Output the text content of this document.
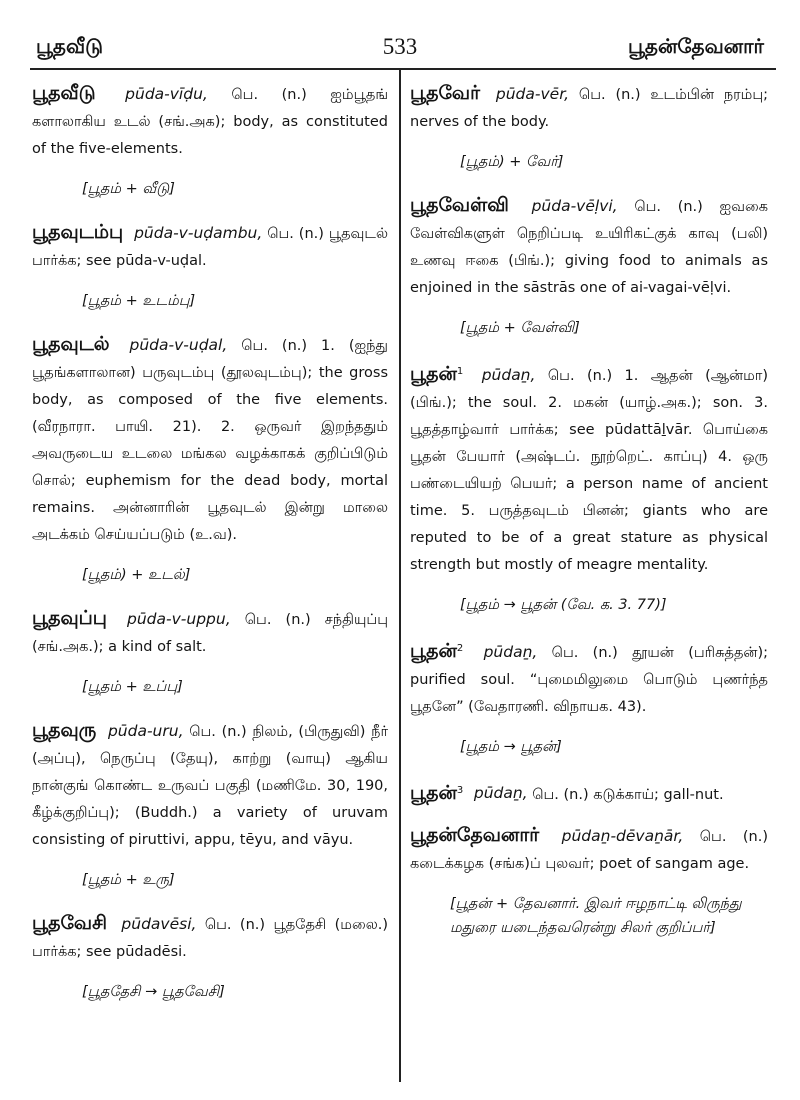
பூதவீடு	533	பூதன்தேவனார்
பூதவீடு pūda-vīḍu, பெ. (n.) ஐம்பூதங் களாலாகிய உடல் (சங்.அக); body, as constituted of the five-elements.
[பூதம் + வீடு]
பூதவுடம்பு pūda-v-uḍambu, பெ. (n.) பூதவுடல் பார்க்க; see pūda-v-uḍal.
[பூதம் + உடம்பு]
பூதவுடல் pūda-v-uḍal, பெ. (n.) 1. (ஐந்து பூதங்களாலான) பருவுடம்பு (தூலவுடம்பு); the gross body, as composed of the five elements. (வீரநாரா. பாயி. 21). 2. ஒருவர் இறந்ததும் அவருடைய உடலை மங்கல வழக்காகக் குறிப்பிடும் சொல்; euphemism for the dead body, mortal remains. அன்னாரின் பூதவுடல் இன்று மாலை அடக்கம் செய்யப்படும் (உ.வ).
[பூதம்) + உடல்]
பூதவுப்பு pūda-v-uppu, பெ. (n.) சந்தியுப்பு (சங்.அக.); a kind of salt.
[பூதம் + உப்பு]
பூதவுரு pūda-uru, பெ. (n.) நிலம், (பிருதுவி) நீர் (அப்பு), நெருப்பு (தேயு), காற்று (வாயு) ஆகிய நான்குங் கொண்ட உருவப் பகுதி (மணிமே. 30, 190, கீழ்க்குறிப்பு); (Buddh.) a variety of uruvam consisting of piruttivi, appu, tēyu, and vāyu.
[பூதம் + உரு]
பூதவேசி pūdavēsi, பெ. (n.) பூததேசி (மலை.) பார்க்க; see pūdadēsi.
[பூததேசி → பூதவேசி]
பூதவேர் pūda-vēr, பெ. (n.) உடம்பின் நரம்பு; nerves of the body.
[பூதம்) + வேர்]
பூதவேள்வி pūda-vēḷvi, பெ. (n.) ஐவகை வேள்விகளுள் நெறிப்படி உயிரிகட்குக் காவு (பலி) உணவு ஈகை (பிங்.); giving food to animals as enjoined in the sāstrās one of ai-vagai-vēḷvi.
[பூதம் + வேள்வி]
பூதன்$^1$ pūdaṉ, பெ. (n.) 1. ஆதன் (ஆன்மா) (பிங்.); the soul. 2. மகன் (யாழ்.அக.); son. 3. பூதத்தாழ்வார் பார்க்க; see pūdattāḻvār. பொய்கை பூதன் பேயார் (அஷ்டப். நூற்றெட். காப்பு) 4. ஒரு பண்டையியற் பெயர்; a person name of ancient time. 5. பருத்தவுடம் பினன்; giants who are reputed to be of a great stature as physical strength but mostly of meagre mentality.
[பூதம் → பூதன் (வே. க. 3. 77)]
பூதன்$^2$ pūdaṉ, பெ. (n.) தூயன் (பரிசுத்தன்); purified soul. “புமைமிலுமை பொடும் புணர்ந்த பூதனே” (வேதாரணி. விநாயக. 43).
[பூதம் → பூதன்]
பூதன்$^3$ pūdaṉ, பெ. (n.) கடுக்காய்; gall-nut.
பூதன்தேவனார் pūdaṉ-dēvaṉār, பெ. (n.) கடைக்கழக (சங்க)ப் புலவர்; poet of sangam age.
[பூதன் + தேவனார். இவர் ஈழநாட்டி லிருந்து மதுரை யடைந்தவரென்று சிலர் குறிப்பர்]
